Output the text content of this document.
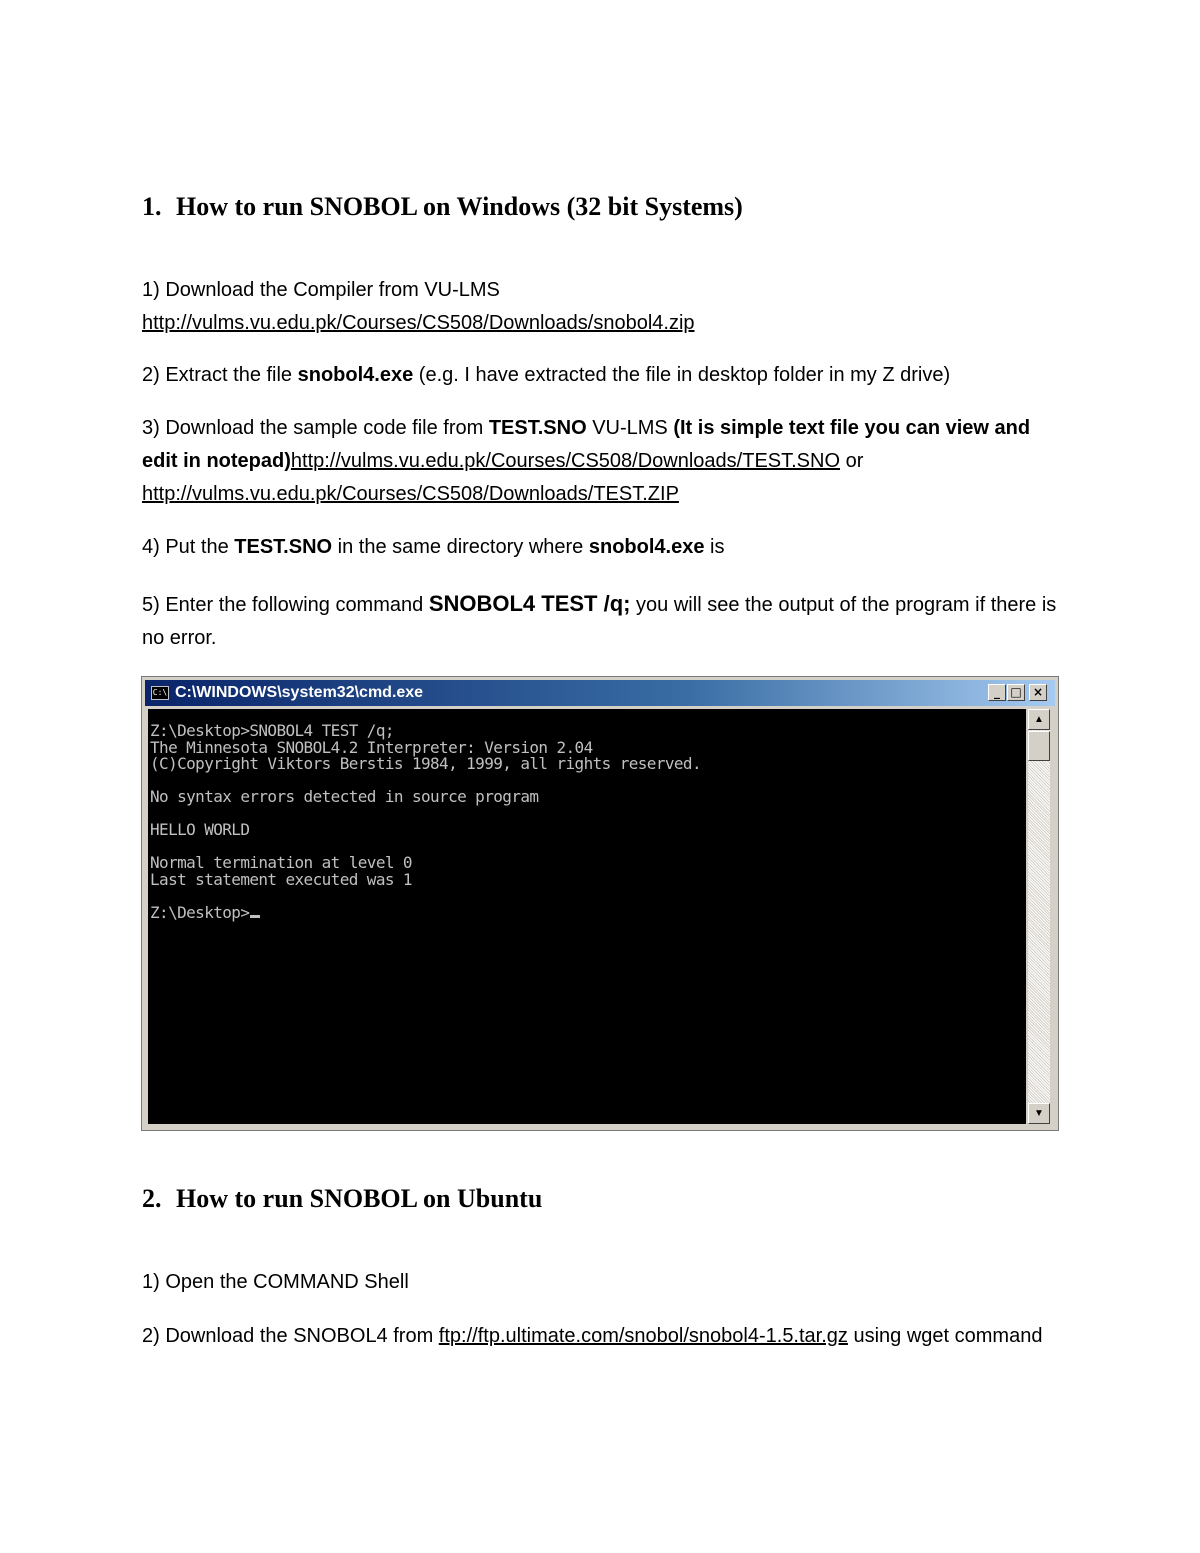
1. How to run SNOBOL on Windows (32 bit Systems)

1) Download the Compiler from VU-LMS
http://vulms.vu.edu.pk/Courses/CS508/Downloads/snobol4.zip

2) Extract the file snobol4.exe (e.g. I have extracted the file in desktop folder in my Z drive)

3) Download the sample code file from TEST.SNO VU-LMS (It is simple text file you can view and edit in notepad)http://vulms.vu.edu.pk/Courses/CS508/Downloads/TEST.SNO or
http://vulms.vu.edu.pk/Courses/CS508/Downloads/TEST.ZIP

4) Put the TEST.SNO in the same directory where snobol4.exe is

5) Enter the following command SNOBOL4 TEST /q; you will see the output of the program if there is no error.

C:\ C:\WINDOWS\system32\cmd.exe	_ □ ×
Z:\Desktop>SNOBOL4 TEST /q;
The Minnesota SNOBOL4.2 Interpreter: Version 2.04
(C)Copyright Viktors Berstis 1984, 1999, all rights reserved.
No syntax errors detected in source program
HELLO WORLD
Normal termination at level 0
Last statement executed was 1
Z:\Desktop>
▲
▼
2. How to run SNOBOL on Ubuntu

1) Open the COMMAND Shell

2) Download the SNOBOL4 from ftp://ftp.ultimate.com/snobol/snobol4-1.5.tar.gz using wget command
